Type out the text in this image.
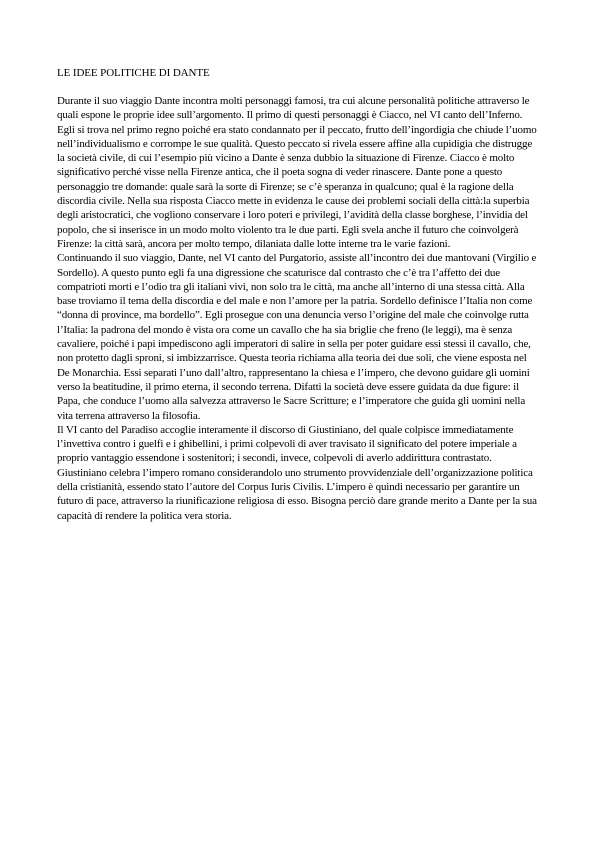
LE IDEE POLITICHE DI DANTE

Durante il suo viaggio Dante incontra molti personaggi famosi, tra cui alcune personalità politiche attraverso le quali espone le proprie idee sull’argomento. Il primo di questi personaggi è Ciacco, nel VI canto dell’Inferno. Egli si trova nel primo regno poiché era stato condannato per il peccato, frutto dell’ingordigia che chiude l’uomo nell’individualismo e corrompe le sue qualità. Questo peccato si rivela essere affine alla cupidigia che distrugge la società civile, di cui l’esempio più vicino a Dante è senza dubbio la situazione di Firenze. Ciacco è molto significativo perché visse nella Firenze antica, che il poeta sogna di veder rinascere. Dante pone a questo personaggio tre domande: quale sarà la sorte di Firenze; se c’è speranza in qualcuno; qual è la ragione della discordia civile. Nella sua risposta Ciacco mette in evidenza le cause dei problemi sociali della città:la superbia degli aristocratici, che vogliono conservare i loro poteri e privilegi, l’avidità della classe borghese, l’invidia del popolo, che si inserisce in un modo molto violento tra le due parti. Egli svela anche il futuro che coinvolgerà Firenze: la città sarà, ancora per molto tempo, dilaniata dalle lotte interne tra le varie fazioni.

Continuando il suo viaggio, Dante, nel VI canto del Purgatorio, assiste all’incontro dei due mantovani (Virgilio e Sordello). A questo punto egli fa una digressione che scaturisce dal contrasto che c’è tra l’affetto dei due compatrioti morti e l’odio tra gli italiani vivi, non solo tra le città, ma anche all’interno di una stessa città. Alla base troviamo il tema della discordia e del male e non l’amore per la patria. Sordello definisce l’Italia non come “donna di province, ma bordello”. Egli prosegue con una denuncia verso l’origine del male che coinvolge rutta l’Italia: la padrona del mondo è vista ora come un cavallo che ha sia briglie che freno (le leggi), ma è senza cavaliere, poiché i papi impediscono agli imperatori di salire in sella per poter guidare essi stessi il cavallo, che, non protetto dagli sproni, si imbizzarrisce. Questa teoria richiama alla teoria dei due soli, che viene esposta nel De Monarchia. Essi separati l’uno dall’altro, rappresentano la chiesa e l’impero, che devono guidare gli uomini verso la beatitudine, il primo eterna, il secondo terrena. Difatti la società deve essere guidata da due figure: il Papa, che conduce l’uomo alla salvezza attraverso le Sacre Scritture; e l’imperatore che guida gli uomini nella vita terrena attraverso la filosofia.

Il VI canto del Paradiso accoglie interamente il discorso di Giustiniano, del quale colpisce immediatamente l’invettiva contro i guelfi e i ghibellini, i primi colpevoli di aver travisato il significato del potere imperiale a proprio vantaggio essendone i sostenitori; i secondi, invece, colpevoli di averlo addirittura contrastato. Giustiniano celebra l’impero romano considerandolo uno strumento provvidenziale dell’organizzazione politica della cristianità, essendo stato l’autore del Corpus Iuris Civilis. L’impero è quindi necessario per garantire un futuro di pace, attraverso la riunificazione religiosa di esso. Bisogna perciò dare grande merito a Dante per la sua capacità di rendere la politica vera storia.
